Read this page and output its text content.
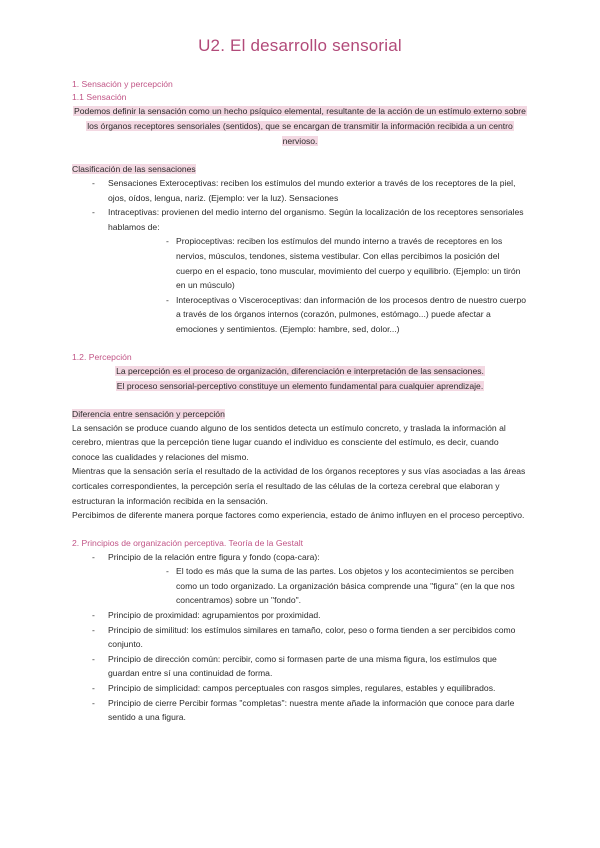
U2. El desarrollo sensorial

1. Sensación y percepción

1.1 Sensación

Podemos definir la sensación como un hecho psíquico elemental, resultante de la acción de un estímulo externo sobre los órganos receptores sensoriales (sentidos), que se encargan de transmitir la información recibida a un centro nervioso.

Clasificación de las sensaciones

- Sensaciones Exteroceptivas: reciben los estímulos del mundo exterior a través de los receptores de la piel, ojos, oídos, lengua, nariz. (Ejemplo: ver la luz). Sensaciones
- Intraceptivas: provienen del medio interno del organismo. Según la localización de los receptores sensoriales hablamos de:
- Propioceptivas: reciben los estímulos del mundo interno a través de receptores en los nervios, músculos, tendones, sistema vestibular. Con ellas percibimos la posición del cuerpo en el espacio, tono muscular, movimiento del cuerpo y equilibrio. (Ejemplo: un tirón en un músculo)
- Interoceptivas o Visceroceptivas: dan información de los procesos dentro de nuestro cuerpo a través de los órganos internos (corazón, pulmones, estómago...) puede afectar a emociones y sentimientos. (Ejemplo: hambre, sed, dolor...)

1.2. Percepción

La percepción es el proceso de organización, diferenciación e interpretación de las sensaciones.

El proceso sensorial-perceptivo constituye un elemento fundamental para cualquier aprendizaje.

Diferencia entre sensación y percepción

La sensación se produce cuando alguno de los sentidos detecta un estímulo concreto, y traslada la información al cerebro, mientras que la percepción tiene lugar cuando el individuo es consciente del estímulo, es decir, cuando conoce las cualidades y relaciones del mismo.

Mientras que la sensación sería el resultado de la actividad de los órganos receptores y sus vías asociadas a las áreas corticales correspondientes, la percepción sería el resultado de las células de la corteza cerebral que elaboran y estructuran la información recibida en la sensación.

Percibimos de diferente manera porque factores como experiencia, estado de ánimo influyen en el proceso perceptivo.

2. Principios de organización perceptiva. Teoría de la Gestalt

- Principio de la relación entre figura y fondo (copa-cara):
- El todo es más que la suma de las partes. Los objetos y los acontecimientos se perciben como un todo organizado. La organización básica comprende una "figura" (en la que nos concentramos) sobre un "fondo".
- Principio de proximidad: agrupamientos por proximidad.
- Principio de similitud: los estímulos similares en tamaño, color, peso o forma tienden a ser percibidos como conjunto.
- Principio de dirección común: percibir, como si formasen parte de una misma figura, los estímulos que guardan entre sí una continuidad de forma.
- Principio de simplicidad: campos perceptuales con rasgos simples, regulares, estables y equilibrados.
- Principio de cierre Percibir formas "completas": nuestra mente añade la información que conoce para darle sentido a una figura.
